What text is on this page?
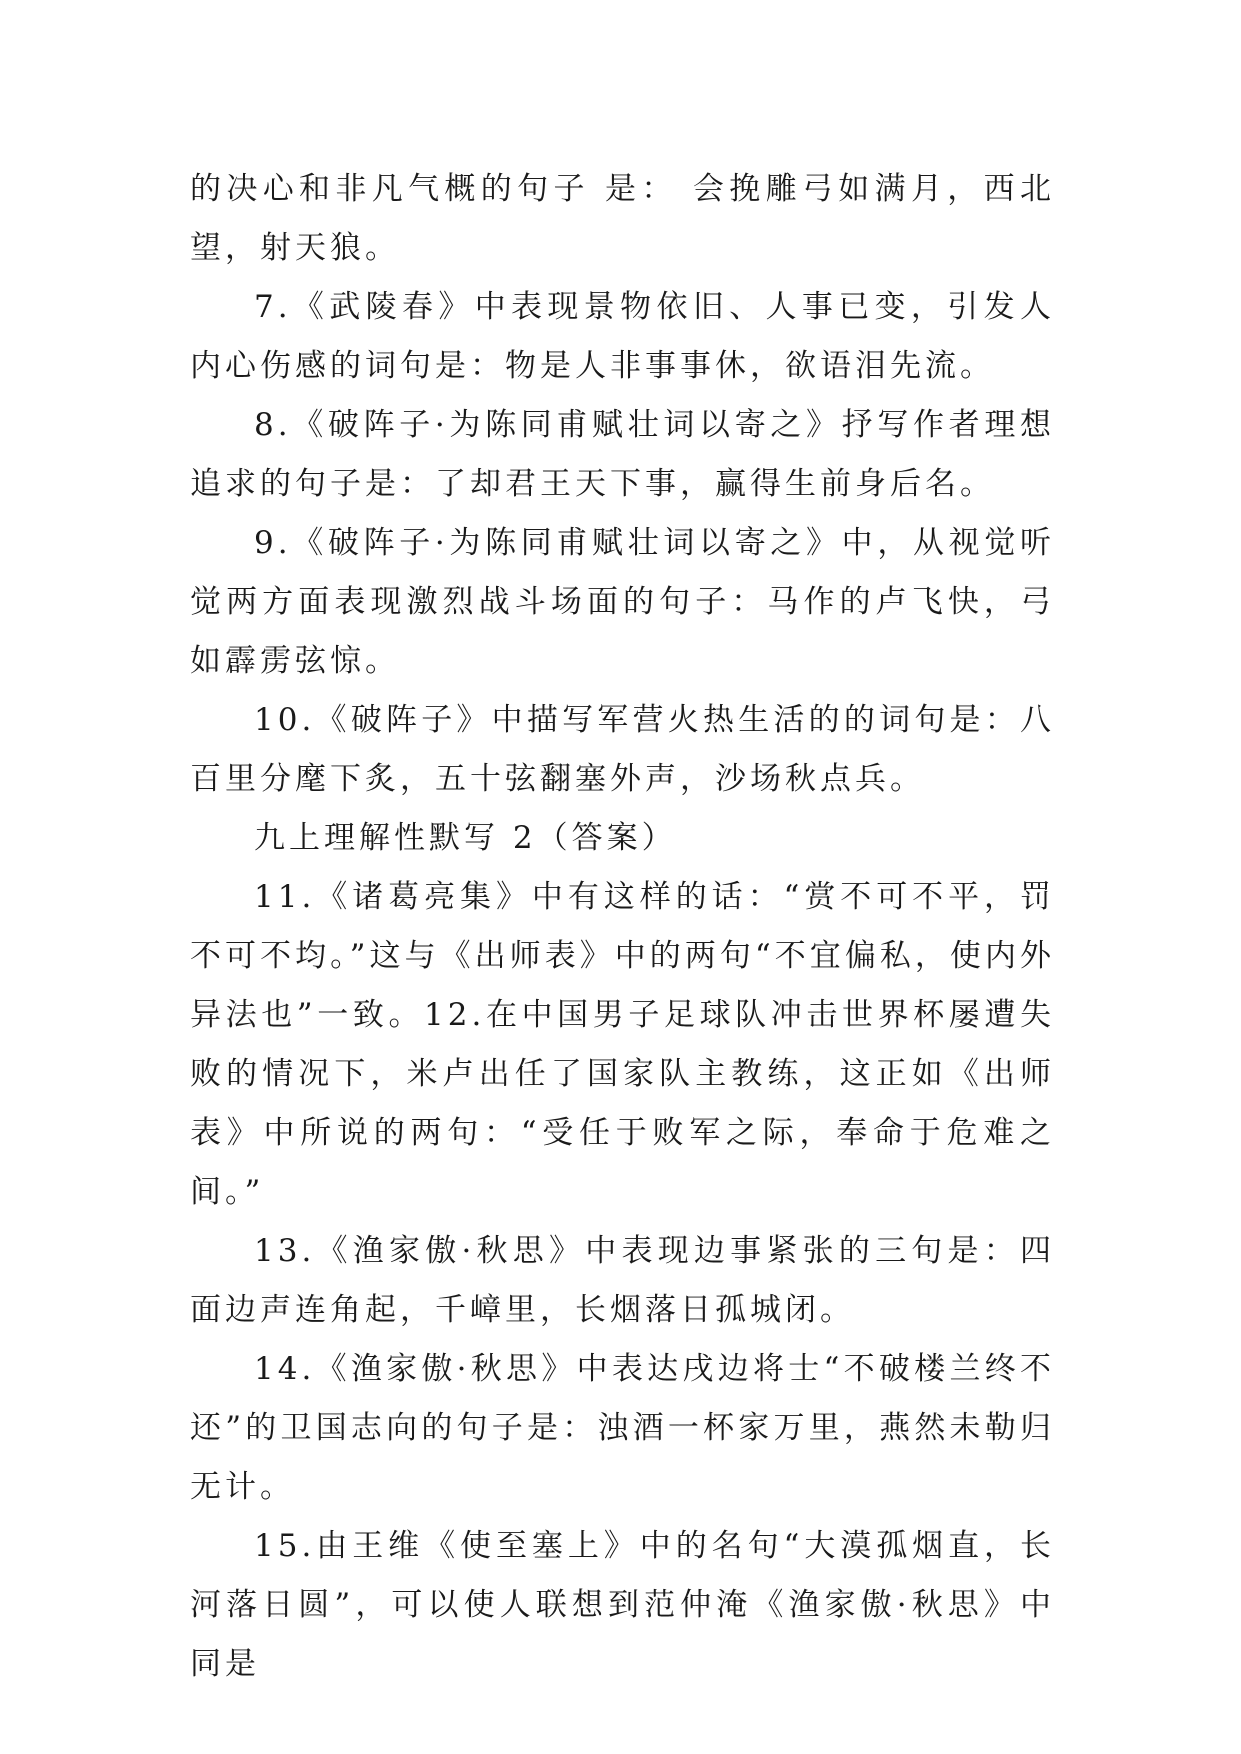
的决心和非凡气概的句子 是： 会挽雕弓如满月，西北望，射天狼。

7.《武陵春》中表现景物依旧、人事已变，引发人内心伤感的词句是：物是人非事事休，欲语泪先流。

8.《破阵子·为陈同甫赋壮词以寄之》抒写作者理想追求的句子是：了却君王天下事，赢得生前身后名。

9.《破阵子·为陈同甫赋壮词以寄之》中，从视觉听觉两方面表现激烈战斗场面的句子：马作的卢飞快，弓如霹雳弦惊。

10.《破阵子》中描写军营火热生活的的词句是：八百里分麾下炙，五十弦翻塞外声，沙场秋点兵。

九上理解性默写 2（答案）

11.《诸葛亮集》中有这样的话：“赏不可不平，罚不可不均。”这与《出师表》中的两句“不宜偏私，使内外异法也”一致。12.在中国男子足球队冲击世界杯屡遭失败的情况下，米卢出任了国家队主教练，这正如《出师表》中所说的两句：“受任于败军之际，奉命于危难之间。”

13.《渔家傲·秋思》中表现边事紧张的三句是：四面边声连角起，千嶂里，长烟落日孤城闭。

14.《渔家傲·秋思》中表达戌边将士“不破楼兰终不还”的卫国志向的句子是：浊酒一杯家万里，燕然未勒归无计。

15.由王维《使至塞上》中的名句“大漠孤烟直，长河落日圆”，可以使人联想到范仲淹《渔家傲·秋思》中同是
